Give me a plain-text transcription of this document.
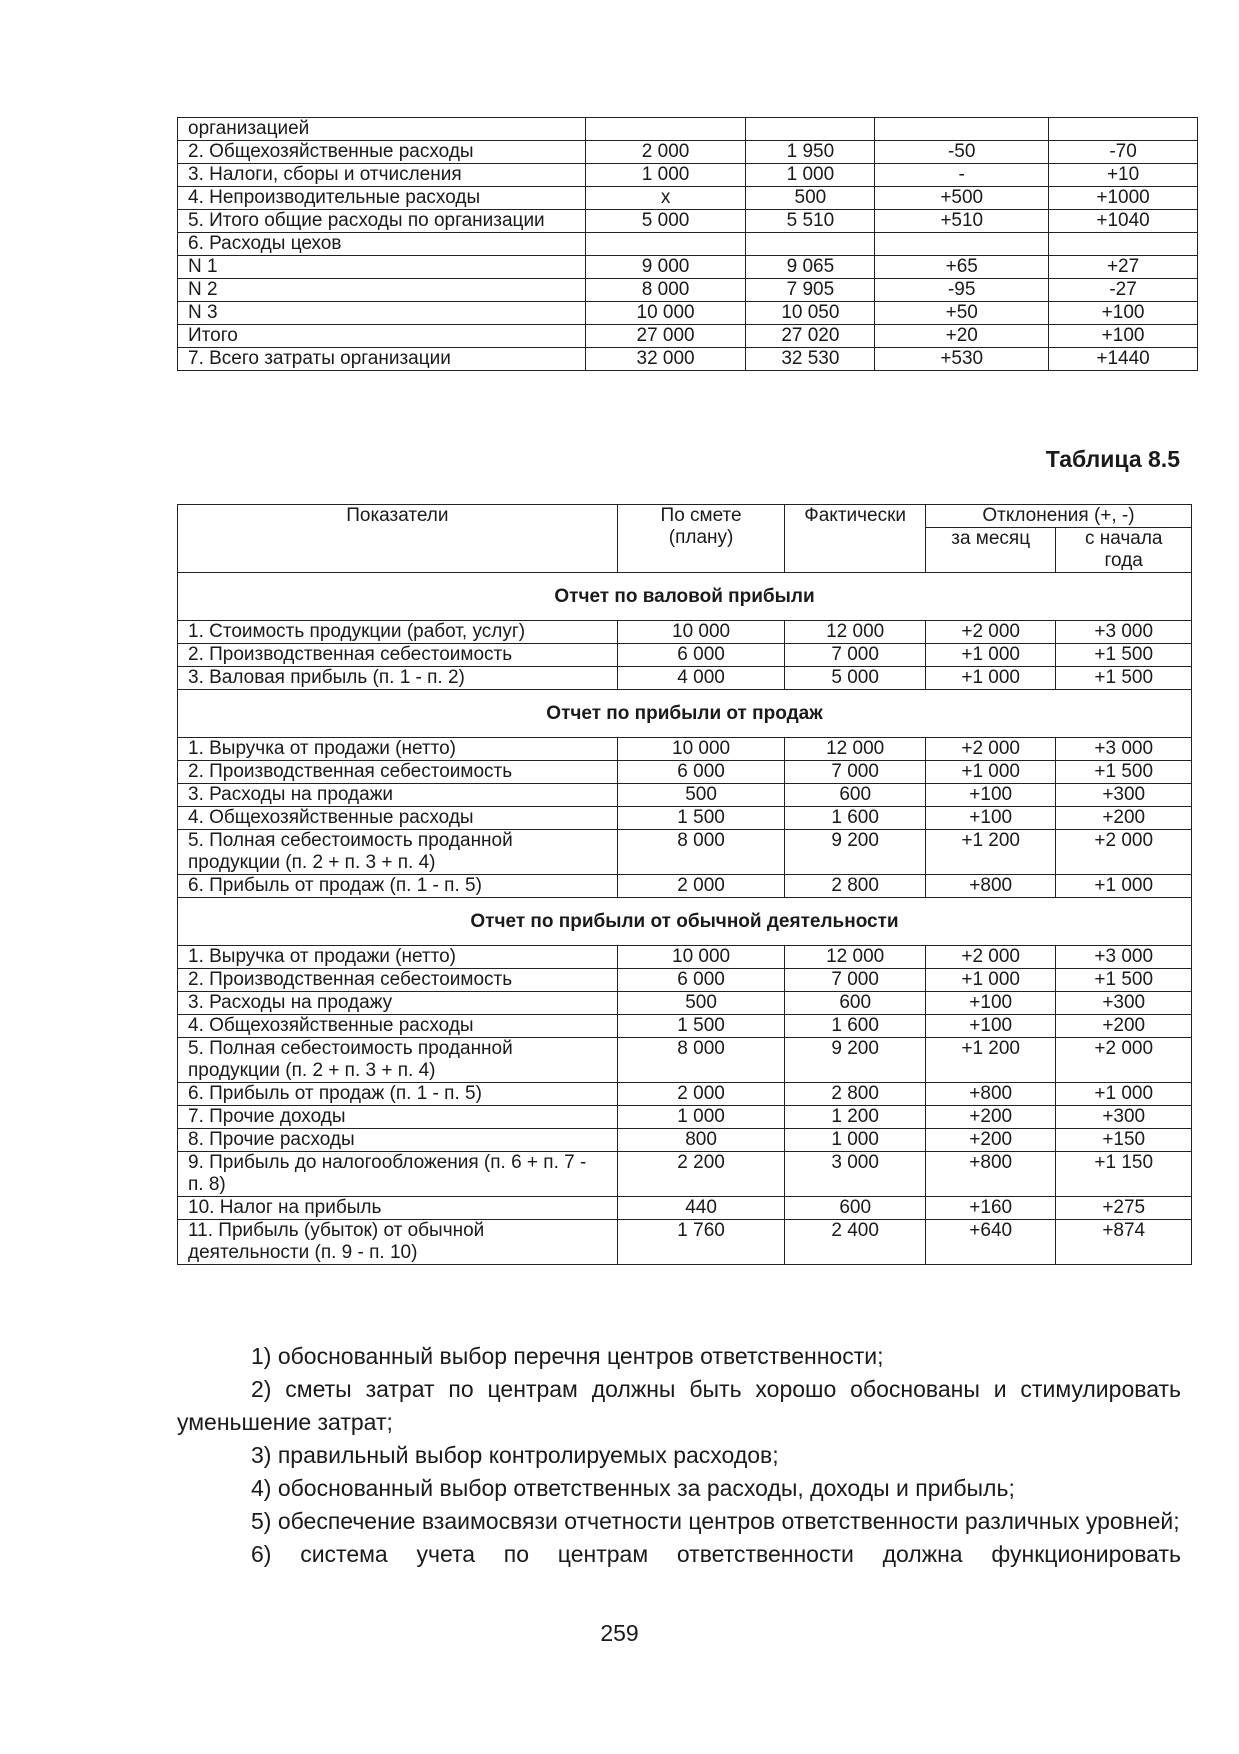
организацией				
2. Общехозяйственные расходы	2 000	1 950	-50	-70
3. Налоги, сборы и отчисления	1 000	1 000	-	+10
4. Непроизводительные расходы	x	500	+500	+1000
5. Итого общие расходы по организации	5 000	5 510	+510	+1040
6. Расходы цехов				
N 1	9 000	9 065	+65	+27
N 2	8 000	7 905	-95	-27
N 3	10 000	10 050	+50	+100
Итого	27 000	27 020	+20	+100
7. Всего затраты организации	32 000	32 530	+530	+1440
Таблица 8.5
Показатели	По смете (плану)	Фактически	Отклонения (+, -)	
			за месяц	с начала года
Отчет по валовой прибыли				
1. Стоимость продукции (работ, услуг)	10 000	12 000	+2 000	+3 000
2. Производственная себестоимость	6 000	7 000	+1 000	+1 500
3. Валовая прибыль (п. 1 - п. 2)	4 000	5 000	+1 000	+1 500
Отчет по прибыли от продаж				
1. Выручка от продажи (нетто)	10 000	12 000	+2 000	+3 000
2. Производственная себестоимость	6 000	7 000	+1 000	+1 500
3. Расходы на продажи	500	600	+100	+300
4. Общехозяйственные расходы	1 500	1 600	+100	+200
5. Полная себестоимость проданной продукции (п. 2 + п. 3 + п. 4)	8 000	9 200	+1 200	+2 000
6. Прибыль от продаж (п. 1 - п. 5)	2 000	2 800	+800	+1 000
Отчет по прибыли от обычной деятельности				
1. Выручка от продажи (нетто)	10 000	12 000	+2 000	+3 000
2. Производственная себестоимость	6 000	7 000	+1 000	+1 500
3. Расходы на продажу	500	600	+100	+300
4. Общехозяйственные расходы	1 500	1 600	+100	+200
5. Полная себестоимость проданной продукции (п. 2 + п. 3 + п. 4)	8 000	9 200	+1 200	+2 000
6. Прибыль от продаж (п. 1 - п. 5)	2 000	2 800	+800	+1 000
7. Прочие доходы	1 000	1 200	+200	+300
8. Прочие расходы	800	1 000	+200	+150
9. Прибыль до налогообложения (п. 6 + п. 7 - п. 8)	2 200	3 000	+800	+1 150
10. Налог на прибыль	440	600	+160	+275
11. Прибыль (убыток) от обычной деятельности (п. 9 - п. 10)	1 760	2 400	+640	+874
1) обоснованный выбор перечня центров ответственности;
2) сметы затрат по центрам должны быть хорошо обоснованы и стимулировать уменьшение затрат;
3) правильный выбор контролируемых расходов;
4) обоснованный выбор ответственных за расходы, доходы и прибыль;
5) обеспечение взаимосвязи отчетности центров ответственности различных уровней;
6) система учета по центрам ответственности должна функционировать
259
